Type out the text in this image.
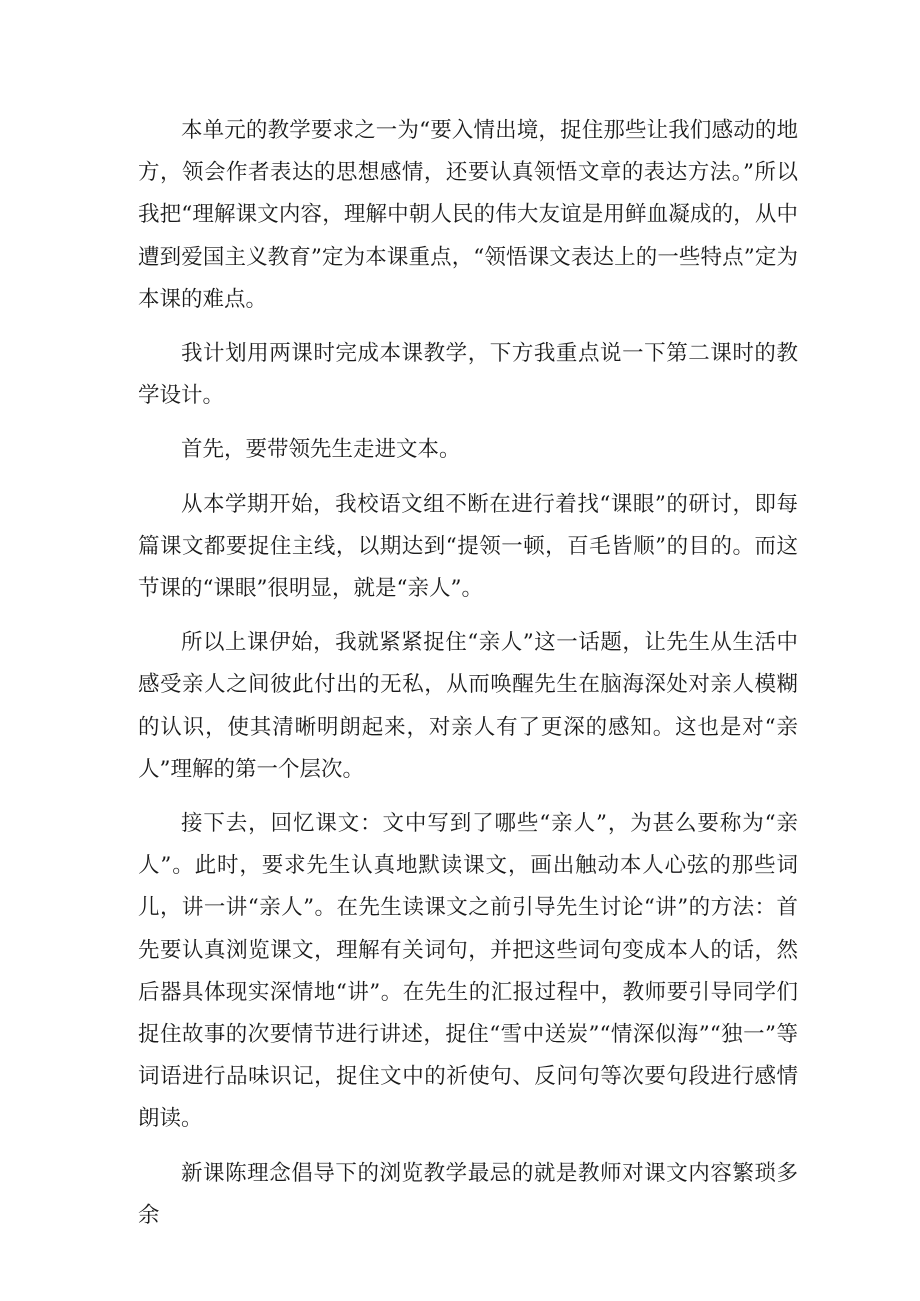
本单元的教学要求之一为“要入情出境，捉住那些让我们感动的地方，领会作者表达的思想感情，还要认真领悟文章的表达方法。”所以我把“理解课文内容，理解中朝人民的伟大友谊是用鲜血凝成的，从中遭到爱国主义教育”定为本课重点，“领悟课文表达上的一些特点”定为本课的难点。

我计划用两课时完成本课教学，下方我重点说一下第二课时的教学设计。

首先，要带领先生走进文本。

从本学期开始，我校语文组不断在进行着找“课眼”的研讨，即每篇课文都要捉住主线，以期达到“提领一顿，百毛皆顺”的目的。而这节课的“课眼”很明显，就是“亲人”。

所以上课伊始，我就紧紧捉住“亲人”这一话题，让先生从生活中感受亲人之间彼此付出的无私，从而唤醒先生在脑海深处对亲人模糊的认识，使其清晰明朗起来，对亲人有了更深的感知。这也是对“亲人”理解的第一个层次。

接下去，回忆课文：文中写到了哪些“亲人”，为甚么要称为“亲人”。此时，要求先生认真地默读课文，画出触动本人心弦的那些词儿，讲一讲“亲人”。在先生读课文之前引导先生讨论“讲”的方法：首先要认真浏览课文，理解有关词句，并把这些词句变成本人的话，然后器具体现实深情地“讲”。在先生的汇报过程中，教师要引导同学们捉住故事的次要情节进行讲述，捉住“雪中送炭”“情深似海”“独一”等词语进行品味识记，捉住文中的祈使句、反问句等次要句段进行感情朗读。

新课陈理念倡导下的浏览教学最忌的就是教师对课文内容繁琐多余
